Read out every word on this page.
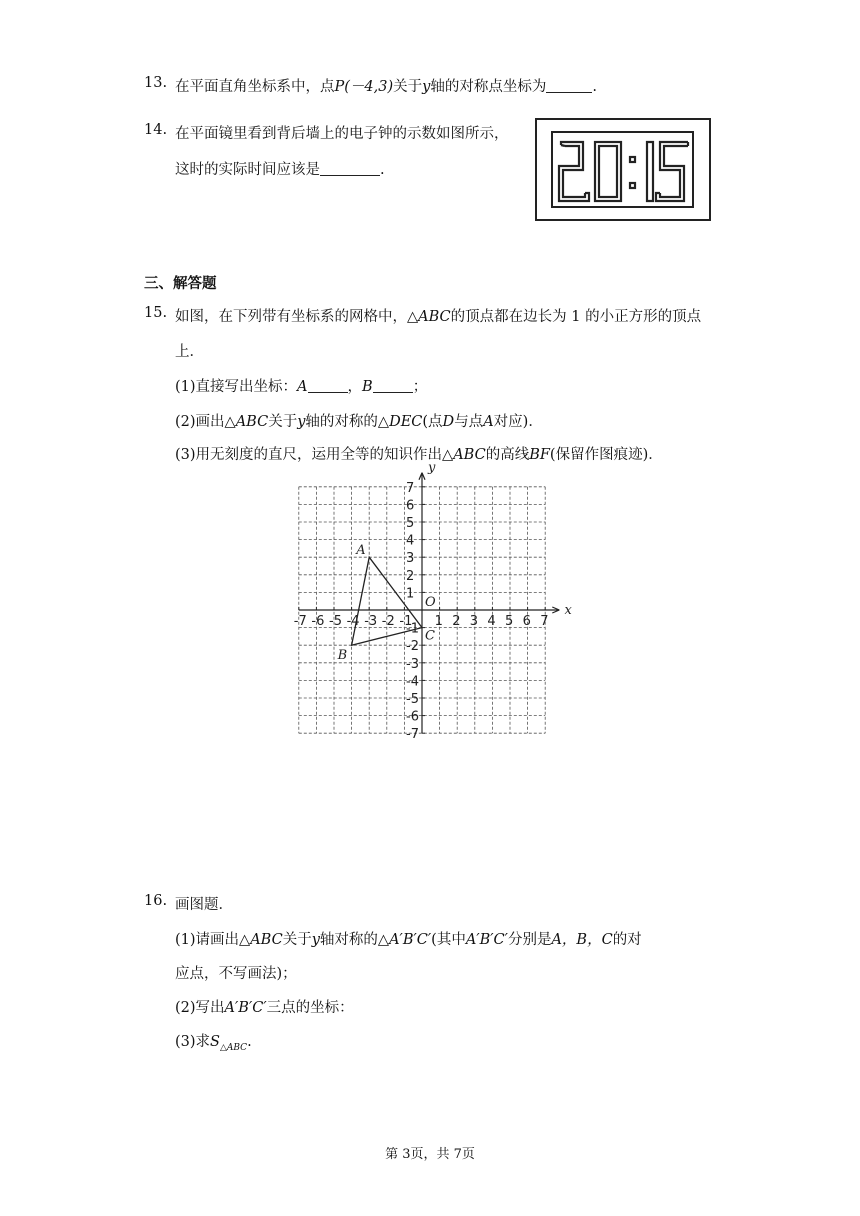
13. 在平面直角坐标系中，点P(－4,3)关于y轴的对称点坐标为	.
14. 在平面镜里看到背后墙上的电子钟的示数如图所示，
这时的实际时间应该是	.
三、解答题
15. 如图，在下列带有坐标系的网格中，△ABC的顶点都在边长为 1 的小正方形的顶点
上．
(1)直接写出坐标：A	，B	；
(2)画出△ABC关于y轴的对称的△DEC(点D与点A对应)．
(3)用无刻度的直尺，运用全等的知识作出△ABC的高线BF(保留作图痕迹)．
x
y
O
-7 -6 -5 -4 -3 -2 -1 1 2 3 4 5 6 7
7
6
5
4
3
2
1
-1
-2
-3
-4
-5
-6
-7
A
B
C
16. 画图题．
(1)请画出△ABC关于y轴对称的△A′B′C′(其中A′B′C′分别是A，B，C的对
应点，不写画法)；
(2)写出A′B′C′三点的坐标：
(3)求$S_{\triangle ABC}$.
第 3页，共 7页
